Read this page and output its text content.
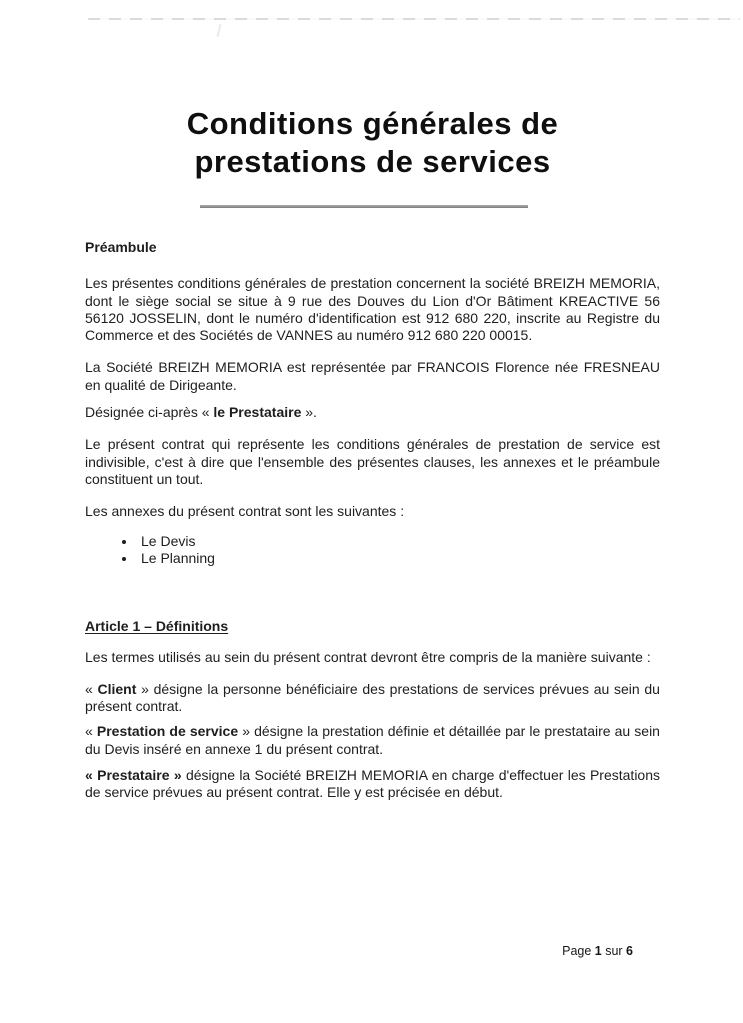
Conditions générales de
prestations de services
Préambule

Les présentes conditions générales de prestation concernent la société BREIZH MEMORIA, dont le siège social se situe à 9 rue des Douves du Lion d'Or Bâtiment KREACTIVE 56 56120 JOSSELIN, dont le numéro d'identification est 912 680 220, inscrite au Registre du Commerce et des Sociétés de VANNES au numéro 912 680 220 00015.

La Société BREIZH MEMORIA est représentée par FRANCOIS Florence née FRESNEAU en qualité de Dirigeante.

Désignée ci-après « le Prestataire ».

Le présent contrat qui représente les conditions générales de prestation de service est indivisible, c'est à dire que l'ensemble des présentes clauses, les annexes et le préambule constituent un tout.

Les annexes du présent contrat sont les suivantes :

• Le Devis
• Le Planning
Article 1 – Définitions

Les termes utilisés au sein du présent contrat devront être compris de la manière suivante :

« Client » désigne la personne bénéficiaire des prestations de services prévues au sein du présent contrat.

« Prestation de service » désigne la prestation définie et détaillée par le prestataire au sein du Devis inséré en annexe 1 du présent contrat.

« Prestataire » désigne la Société BREIZH MEMORIA en charge d'effectuer les Prestations de service prévues au présent contrat. Elle y est précisée en début.

Page 1 sur 6
